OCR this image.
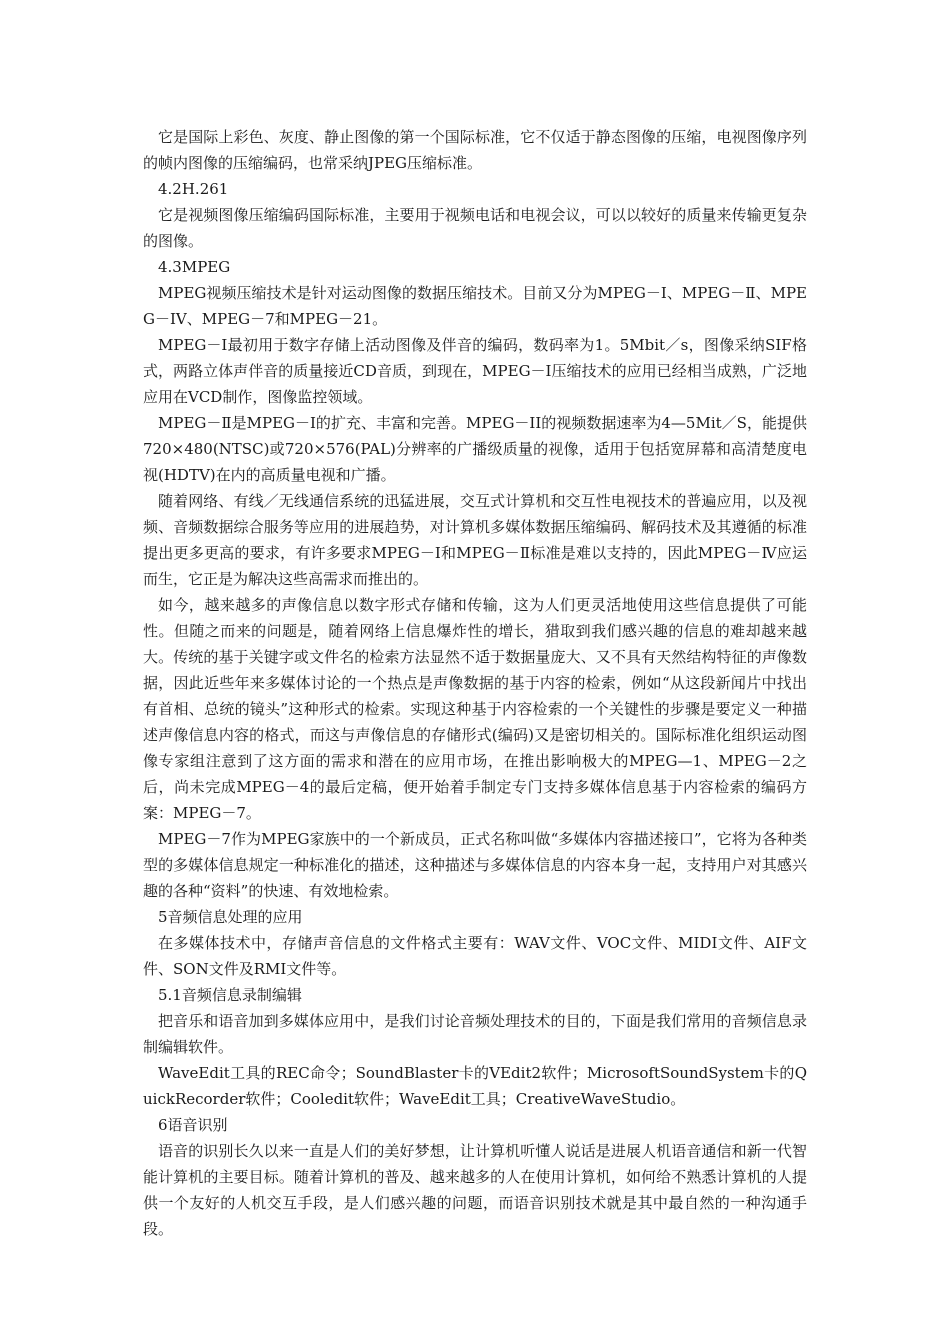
它是国际上彩色、灰度、静止图像的第一个国际标准，它不仅适于静态图像的压缩，电视图像序列的帧内图像的压缩编码，也常采纳JPEG压缩标准。

4.2H.261

它是视频图像压缩编码国际标准，主要用于视频电话和电视会议，可以以较好的质量来传输更复杂的图像。

4.3MPEG

MPEG视频压缩技术是针对运动图像的数据压缩技术。目前又分为MPEG－I、MPEG－Ⅱ、MPEG－IV、MPEG－7和MPEG－21。

MPEG－I最初用于数字存储上活动图像及伴音的编码，数码率为1。5Mbit／s，图像采纳SIF格式，两路立体声伴音的质量接近CD音质，到现在，MPEG－I压缩技术的应用已经相当成熟，广泛地应用在VCD制作，图像监控领域。

MPEG－Ⅱ是MPEG－I的扩充、丰富和完善。MPEG－II的视频数据速率为4—5Mit／S，能提供720×480(NTSC)或720×576(PAL)分辨率的广播级质量的视像，适用于包括宽屏幕和高清楚度电视(HDTV)在内的高质量电视和广播。

随着网络、有线／无线通信系统的迅猛进展，交互式计算机和交互性电视技术的普遍应用，以及视频、音频数据综合服务等应用的进展趋势，对计算机多媒体数据压缩编码、解码技术及其遵循的标准提出更多更高的要求，有许多要求MPEG－I和MPEG－Ⅱ标准是难以支持的，因此MPEG－Ⅳ应运而生，它正是为解决这些高需求而推出的。

如今，越来越多的声像信息以数字形式存储和传输，这为人们更灵活地使用这些信息提供了可能性。但随之而来的问题是，随着网络上信息爆炸性的增长，猎取到我们感兴趣的信息的难却越来越大。传统的基于关键字或文件名的检索方法显然不适于数据量庞大、又不具有天然结构特征的声像数据，因此近些年来多媒体讨论的一个热点是声像数据的基于内容的检索，例如“从这段新闻片中找出有首相、总统的镜头”这种形式的检索。实现这种基于内容检索的一个关键性的步骤是要定义一种描述声像信息内容的格式，而这与声像信息的存储形式(编码)又是密切相关的。国际标准化组织运动图像专家组注意到了这方面的需求和潜在的应用市场，在推出影响极大的MPEG—1、MPEG－2之后，尚未完成MPEG－4的最后定稿，便开始着手制定专门支持多媒体信息基于内容检索的编码方案：MPEG－7。

MPEG－7作为MPEG家族中的一个新成员，正式名称叫做“多媒体内容描述接口”，它将为各种类型的多媒体信息规定一种标准化的描述，这种描述与多媒体信息的内容本身一起，支持用户对其感兴趣的各种“资料”的快速、有效地检索。

5音频信息处理的应用

在多媒体技术中，存储声音信息的文件格式主要有：WAV文件、VOC文件、MIDI文件、AIF文件、SON文件及RMI文件等。

5.1音频信息录制编辑

把音乐和语音加到多媒体应用中，是我们讨论音频处理技术的目的，下面是我们常用的音频信息录制编辑软件。

WaveEdit工具的REC命令；SoundBlaster卡的VEdit2软件；MicrosoftSoundSystem卡的QuickRecorder软件；Cooledit软件；WaveEdit工具；CreativeWaveStudio。

6语音识别

语音的识别长久以来一直是人们的美好梦想，让计算机听懂人说话是进展人机语音通信和新一代智能计算机的主要目标。随着计算机的普及、越来越多的人在使用计算机，如何给不熟悉计算机的人提供一个友好的人机交互手段，是人们感兴趣的问题，而语音识别技术就是其中最自然的一种沟通手段。
